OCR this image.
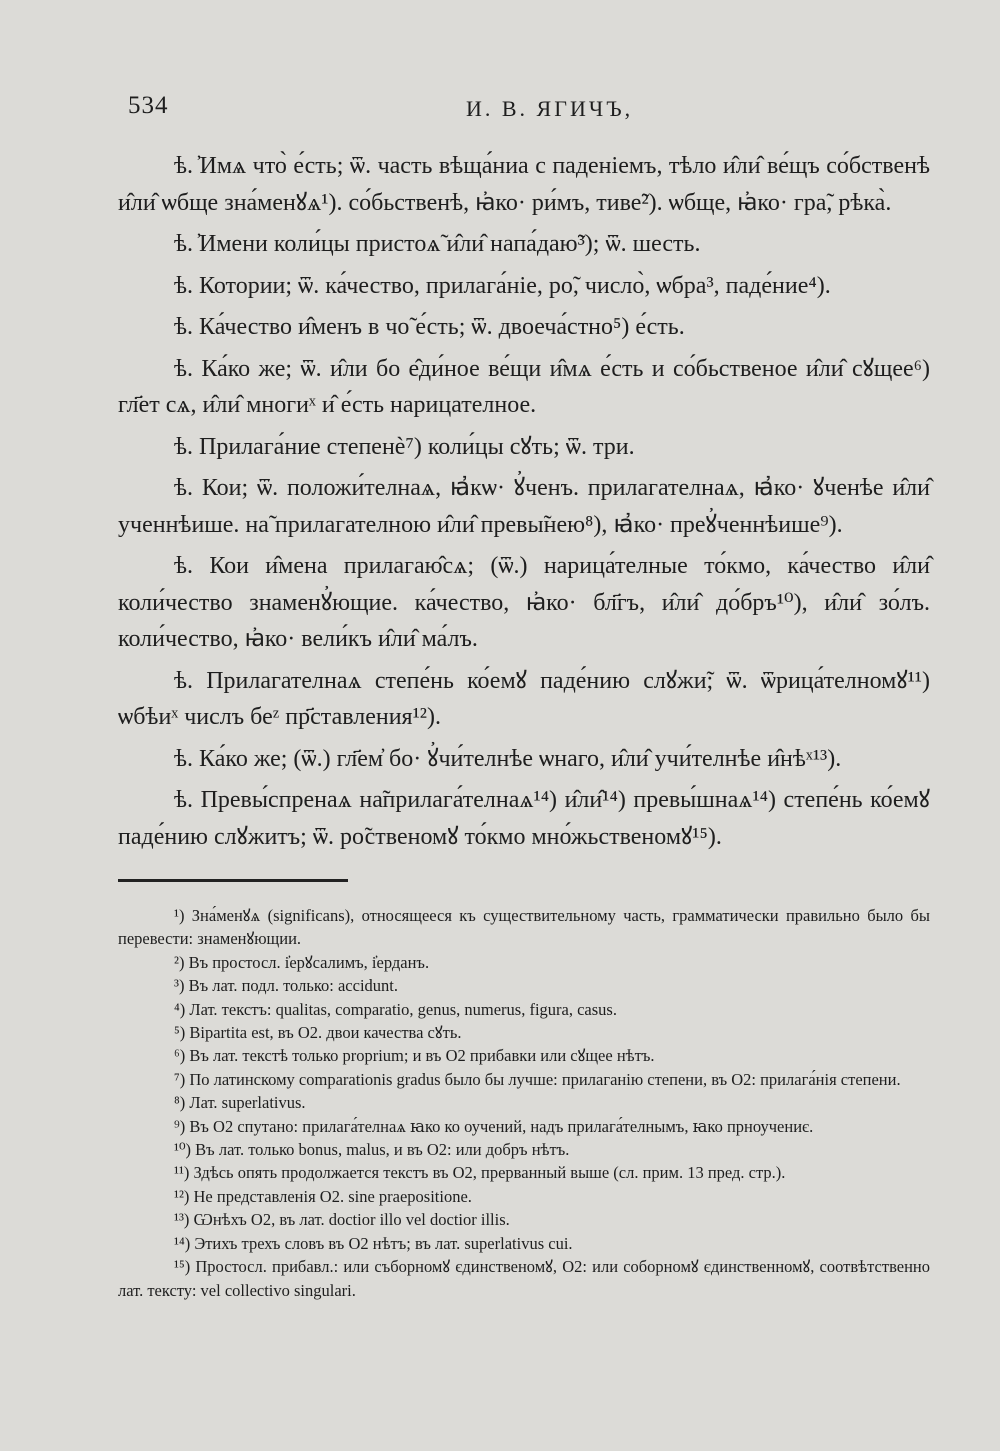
534	И. В. ЯГИЧЪ,

ѣ. ̓Имѧ что̀ е́сть; ѿ. часть вѣща́ниа с паденіемъ, тѣло и̂ли̂ ве́щъ со́бственѣ и̂ли̂ ѡбще зна́менꙋѧ¹). со́бьственѣ, ꙗ҆ко· ри́мъ, тиве̃²). ѡбще, ꙗ҆ко· гра̃, рѣка̀.

ѣ. ̓Имени коли́цы пристоѧ̃ и̂ли̂ напа́даю̃³); ѿ. шесть.

ѣ. Котории; ѿ. ка́чество, прилага́ніе, ро̃, число̀, ѡбра³, паде́ние⁴).

ѣ. Ка́чество и̂менъ в чо̃ е́сть; ѿ. двоеча́стно⁵) е́сть.

ѣ. Ка́ко же; ѿ. и̂ли бо е̂ди́ное ве́щи и̂мѧ е́сть и со́бьственое и̂ли̂ сꙋщее⁶) гл҃ет сѧ, и̂ли̂ многиˣ и̂ е́сть нарицателное.

ѣ. Прилага́ние степенѐ⁷) коли́цы сꙋть; ѿ. три.

ѣ. Кои; ѿ. положи́телнаѧ, ꙗ҆кѡ· ꙋ҆ченъ. прилагателнаѧ, ꙗ҆ко· ꙋченѣе и̂ли̂ ученнѣише. на̃ прилагателною и̂ли̂ превы̃нею⁸), ꙗ҆ко· преꙋ҆ченнѣише⁹).

ѣ. Кои и̂мена прилагаю̂сѧ; (ѿ.) нарица́телные то́кмо, ка́чество и̂ли̂ коли́чество знаменꙋ҆ющие. ка́чество, ꙗ҆ко· бл҃гъ, и̂ли̂ до́бръ¹⁰), и̂ли̂ зо́лъ. коли́чество, ꙗ҆ко· вели́къ и̂ли̂ ма́лъ.

ѣ. Прилагателнаѧ степе́нь ко́емꙋ паде́нию слꙋжи̃; ѿ. ѿрица́телномꙋ¹¹) ѡбѣиˣ числъ беᶻ пр҃ставления¹²).

ѣ. Ка́ко же; (ѿ.) гл҃ем̓ бо· ꙋ҆чи́телнѣе ѡнаго, и̂ли̂ учи́телнѣе и̂нѣˣ¹³).

ѣ. Превы́спренаѧ на̃прилага́телнаѧ¹⁴) и̂ли̂¹⁴) превы́шнаѧ¹⁴) степе́нь ко́емꙋ паде́нию слꙋжитъ; ѿ. ро̃ственомꙋ то́кмо мно́жьственомꙋ¹⁵).

¹) Зна́менꙋѧ (significans), относящееся къ существительному часть, грамматически правильно было бы перевести: знаменꙋющии.

²) Въ простосл. і҆ерꙋсалимъ, і҆ерданъ.

³) Въ лат. подл. только: accidunt.

⁴) Лат. текстъ: qualitas, comparatio, genus, numerus, figura, casus.

⁵) Bipartita est, въ О2. двои качества сꙋть.

⁶) Въ лат. текстѣ только proprium; и въ О2 прибавки или сꙋщее нѣтъ.

⁷) По латинскому comparationis gradus было бы лучше: прилаганію степени, въ О2: прилага́нія степени.

⁸) Лат. superlativus.

⁹) Въ О2 спутано: прилага́телнаѧ ꙗко ко оучений, надъ прилага́телнымъ, ꙗко прноучениє.

¹⁰) Въ лат. только bonus, malus, и въ О2: или добръ нѣтъ.

¹¹) Здѣсь опять продолжается текстъ въ О2, прерванный выше (сл. прим. 13 пред. стр.).

¹²) Не представленія О2. sine praepositione.

¹³) Ѡнѣхъ О2, въ лат. doctior illo vel doctior illis.

¹⁴) Этихъ трехъ словъ въ О2 нѣтъ; въ лат. superlativus cui.

¹⁵) Простосл. прибавл.: или съборномꙋ єдинственомꙋ, О2: или соборномꙋ єдинственномꙋ, соотвѣтственно лат. тексту: vel collectivo singulari.
